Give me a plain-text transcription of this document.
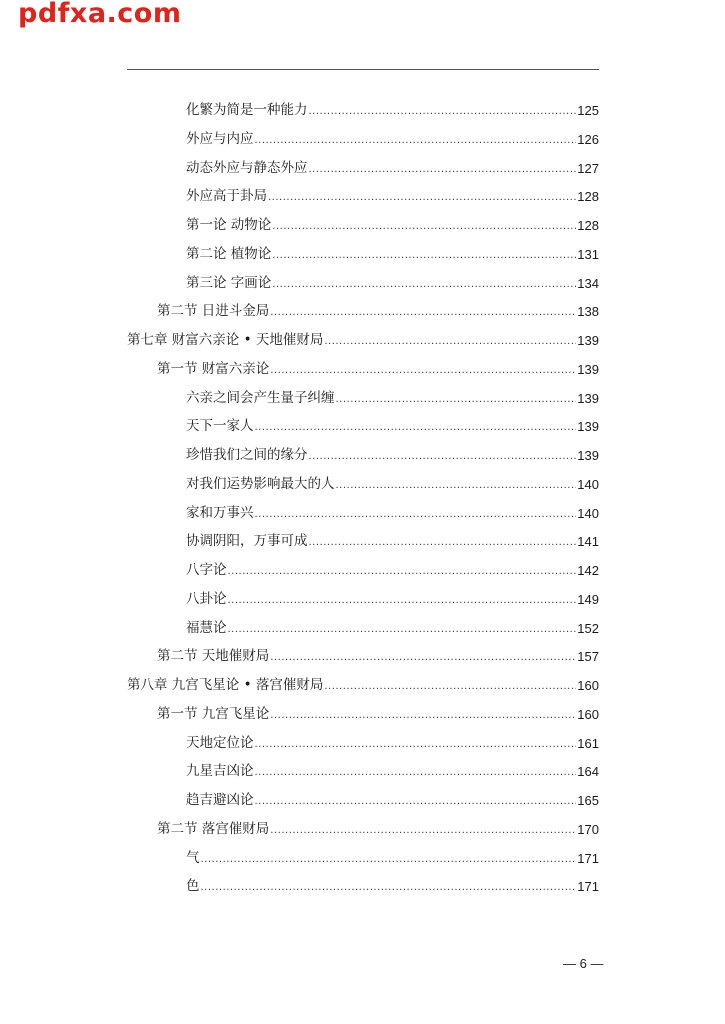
pdfxa.com
化繁为简是一种能力 .....	125
外应与内应 .....	126
动态外应与静态外应 .....	127
外应高于卦局 .....	128
第一论 动物论 .....	128
第二论 植物论 .....	131
第三论 字画论 .....	134
第二节 日进斗金局 .....	138
第七章 财富六亲论 • 天地催财局 .....	139
第一节 财富六亲论 .....	139
六亲之间会产生量子纠缠 .....	139
天下一家人 .....	139
珍惜我们之间的缘分 .....	139
对我们运势影响最大的人 .....	140
家和万事兴 .....	140
协调阴阳，万事可成 .....	141
八字论 .....	142
八卦论 .....	149
福慧论 .....	152
第二节 天地催财局 .....	157
第八章 九宫飞星论 • 落宫催财局 .....	160
第一节 九宫飞星论 .....	160
天地定位论 .....	161
九星吉凶论 .....	164
趋吉避凶论 .....	165
第二节 落宫催财局 .....	170
气 .....	171
色 .....	171
— 6 —
